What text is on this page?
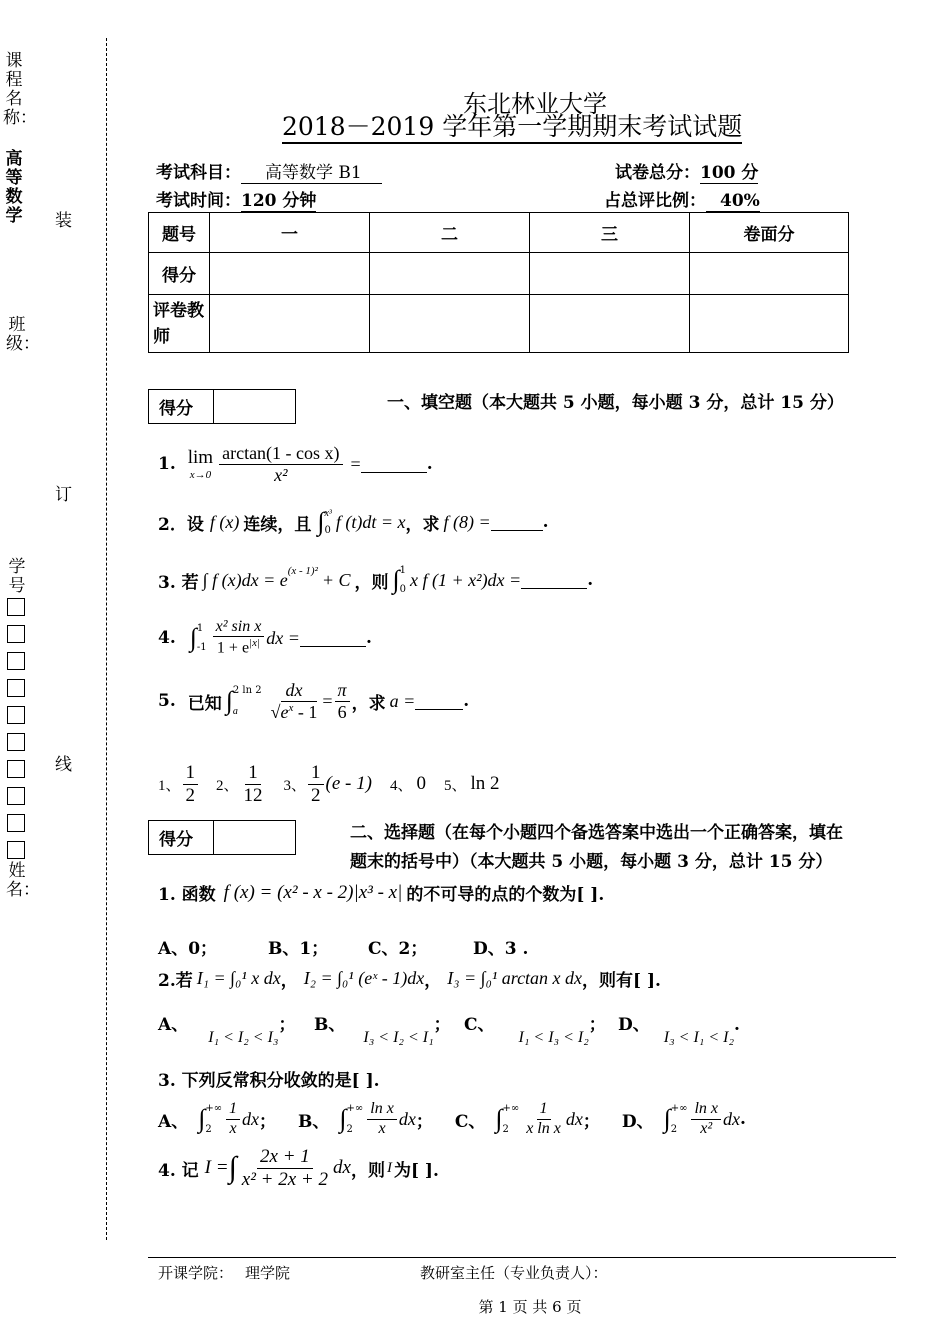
课程名称：
高等数学
班级：
学号
姓名：
装
订
线
东北林业大学
2018－2019 学年第一学期期末考试试题
考试科目： 高等数学 B1	试卷总分：100 分
考试时间：120 分钟	占总评比例： 40%
题号	一	二	三	卷面分
得分				
评卷教师				
得分	一、填空题（本大题共 5 小题，每小题 3 分，总计 15 分）
1. lim
$x\to 0 \frac{\text{arctan(1 - cos x)}}{\text{x²}}$ =	.
2．设 f (x) 连续，且 ∫ x³
0 f (t)dt = x ，求 f (8) =	.
3. 若 ∫ f $(x)dx = e^{(x - 1)^2} + C$ ，则 ∫ 1
0 x f (1 + x²)dx =	.
4. ∫ 1
$-1 \frac{\text{x² sin x}}{1 + e^{|x|}}$ dx =	.
5. 已知 ∫ 2 ln 2
a	$\frac{dx}{√e^x - 1} = \frac{\pi}{6}$ ，求 a =	.
1、 $\frac{1}{2} 2$、 $\frac{1}{12} 3$、 $\frac{1}{2} (e - 1)$ 4、 0 5、 ln 2
得分	二、选择题（在每个小题四个备选答案中选出一个正确答案，填在
题末的括号中）（本大题共 5 小题，每小题 3 分，总计 15 分）
1. 函数 f (x) = (x² - x - 2)|x³ - x| 的不可导的点的个数为[ ].
A、0；	B、1； C、2；	D、3 .
2.若 I₁ = ∫₀¹ x dx ， I₂ = ∫₀¹ (eˣ - 1)dx ， I₃ = ∫₀¹ arctan x dx ，则有[ ].
A、I₁ < I₂ < I₃； B、I₃ < I₂ < I₁； C、I₁ < I₃ < I₂； D、I₃ < I₁ < I₂.
3. 下列反常积分收敛的是[ ].
A、 ∫ +∞
$2 \frac{1}{x}$ dx ； B、 ∫ +∞
$2 \frac{\text{ln x}}{x}$ dx ； C、 ∫ +∞
$2 \frac{1}{\text{x ln x}}$ dx ； D、 ∫ +∞
$2 \frac{\text{ln x}}{\text{x²}}$ dx .
4. 记 I = ∫ $\frac{2x + 1}{\text{x² + 2x + 2}}$ dx ，则 I 为[ ].
开课学院： 理学院	教研室主任（专业负责人）：
第 1 页 共 6 页
